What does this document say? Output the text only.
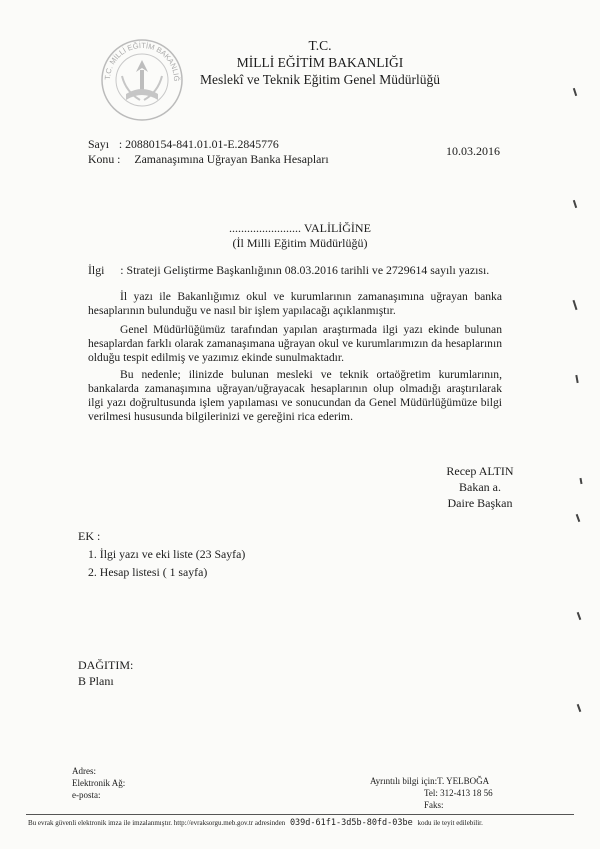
T.C. MİLLİ EĞİTİM BAKANLIĞ
T.C.
MİLLİ EĞİTİM BAKANLIĞI
Meslekî ve Teknik Eğitim Genel Müdürlüğü
Sayı : 20880154-841.01.01-E.2845776
Konu : Zamanaşımına Uğrayan Banka Hesapları
10.03.2016
........................ VALİLİĞİNE
(İl Milli Eğitim Müdürlüğü)
İlgi : Strateji Geliştirme Başkanlığının 08.03.2016 tarihli ve 2729614 sayılı yazısı.
İl yazı ile Bakanlığımız okul ve kurumlarının zamanaşımına uğrayan banka hesaplarının bulunduğu ve nasıl bir işlem yapılacağı açıklanmıştır.
Genel Müdürlüğümüz tarafından yapılan araştırmada ilgi yazı ekinde bulunan hesaplardan farklı olarak zamanaşımana uğrayan okul ve kurumlarımızın da hesaplarının olduğu tespit edilmiş ve yazımız ekinde sunulmaktadır.
Bu nedenle; ilinizde bulunan mesleki ve teknik ortaöğretim kurumlarının, bankalarda zamanaşımına uğrayan/uğrayacak hesaplarının olup olmadığı araştırılarak ilgi yazı doğrultusunda işlem yapılaması ve sonucundan da Genel Müdürlüğümüze bilgi verilmesi hususunda bilgilerinizi ve gereğini rica ederim.
Recep ALTIN
Bakan a.
Daire Başkan
EK :
1. İlgi yazı ve eki liste (23 Sayfa)
2. Hesap listesi ( 1 sayfa)
DAĞITIM:
B Planı
Adres:
Elektronik Ağ:
e-posta:
Ayrıntılı bilgi için:T. YELBOĞA
Tel: 312-413 18 56
Faks:
Bu evrak güvenli elektronik imza ile imzalanmıştır. http://evraksorgu.meb.gov.tr adresinden 039d-61f1-3d5b-80fd-03be kodu ile teyit edilebilir.
